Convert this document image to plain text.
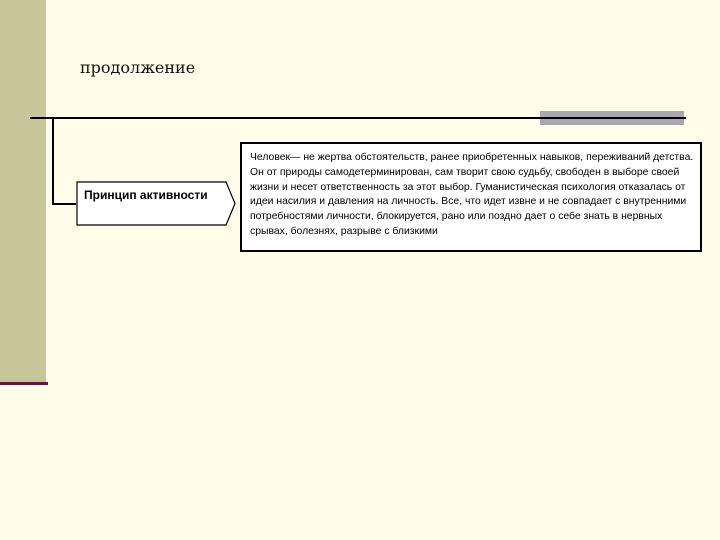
продолжение
Принцип активности

Человек— не жертва обстоятельств, ранее приобретенных навыков, переживаний детства. Он от природы самодетерминирован, сам творит свою судьбу, свободен в выборе своей жизни и несет ответственность за этот выбор. Гуманистическая психология отказалась от идеи насилия и давления на личность. Все, что идет извне и не совпадает с внутренними потребностями личности, блокируется, рано или поздно дает о себе знать в нервных срывах, болезнях, разрыве с близкими
